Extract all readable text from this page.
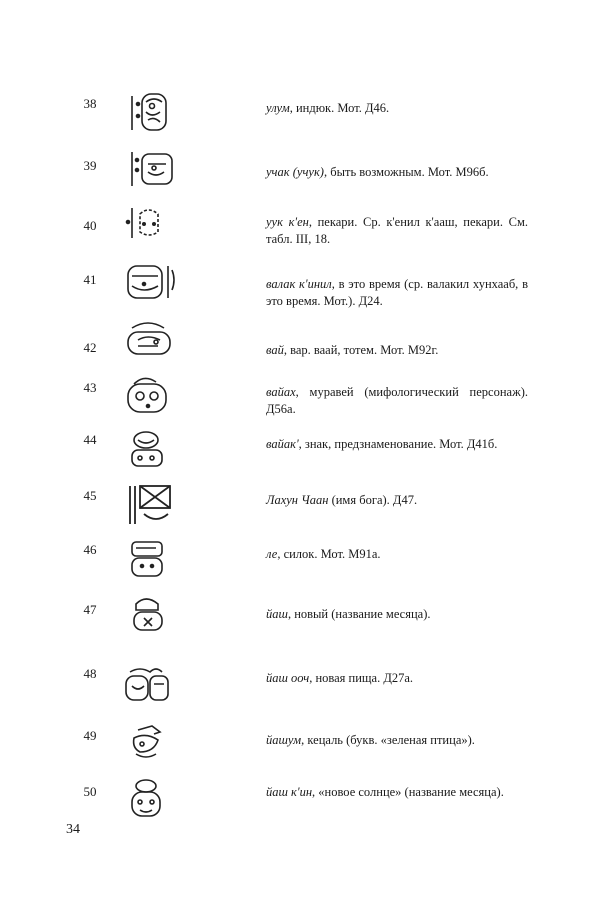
38	улум, индюк. Мот. Д46.
39	учак (учук), быть возможным. Мот. М96б.
40	уук к'ен, пекари. Ср. к'енил к'ааш, пекари. См. табл. III, 18.
41	валак к'инил, в это время (ср. валакил хунхааб, в это время. Мот.). Д24.
42	вай, вар. ваай, тотем. Мот. М92г.
43	вайах, муравей (мифологический персонаж). Д56а.
44	вайак', знак, предзнаменование. Мот. Д41б.
45	Лахун Чаан (имя бога). Д47.
46	ле, силок. Мот. М91а.
47	йаш, новый (название месяца).
48	йаш ооч, новая пища. Д27а.
49	йашум, кецаль (букв. «зеленая птица»).
50	йаш к'ин, «новое солнце» (название месяца).
34
